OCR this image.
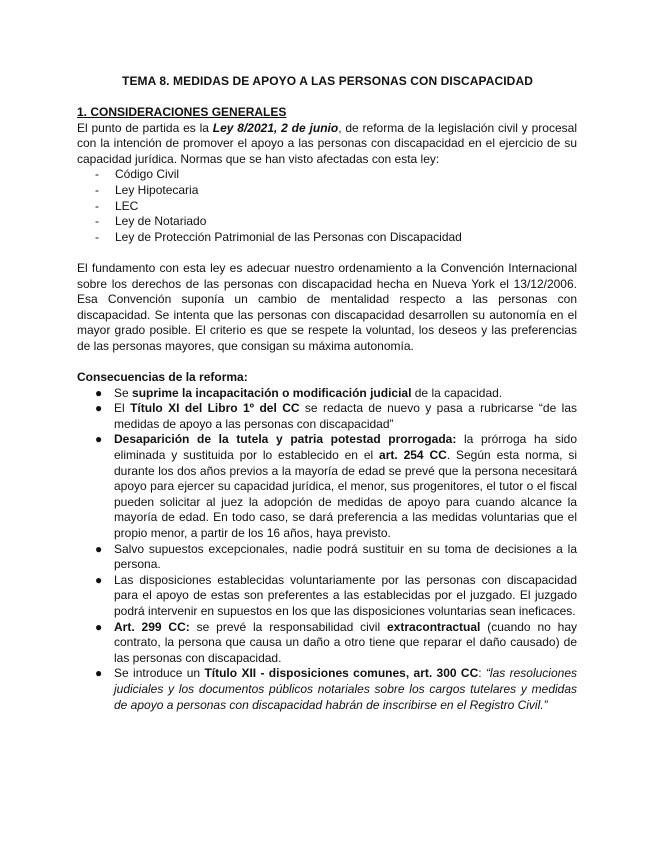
TEMA 8. MEDIDAS DE APOYO A LAS PERSONAS CON DISCAPACIDAD

1. CONSIDERACIONES GENERALES

El punto de partida es la Ley 8/2021, 2 de junio, de reforma de la legislación civil y procesal con la intención de promover el apoyo a las personas con discapacidad en el ejercicio de su capacidad jurídica. Normas que se han visto afectadas con esta ley:

- Código Civil
- Ley Hipotecaria
- LEC
- Ley de Notariado
- Ley de Protección Patrimonial de las Personas con Discapacidad

El fundamento con esta ley es adecuar nuestro ordenamiento a la Convención Internacional sobre los derechos de las personas con discapacidad hecha en Nueva York el 13/12/2006. Esa Convención suponía un cambio de mentalidad respecto a las personas con discapacidad. Se intenta que las personas con discapacidad desarrollen su autonomía en el mayor grado posible. El criterio es que se respete la voluntad, los deseos y las preferencias de las personas mayores, que consigan su máxima autonomía.

Consecuencias de la reforma:

● Se suprime la incapacitación o modificación judicial de la capacidad.
● El Título XI del Libro 1º del CC se redacta de nuevo y pasa a rubricarse “de las medidas de apoyo a las personas con discapacidad”
● Desaparición de la tutela y patria potestad prorrogada: la prórroga ha sido eliminada y sustituida por lo establecido en el art. 254 CC. Según esta norma, si durante los dos años previos a la mayoría de edad se prevé que la persona necesitará apoyo para ejercer su capacidad jurídica, el menor, sus progenitores, el tutor o el fiscal pueden solicitar al juez la adopción de medidas de apoyo para cuando alcance la mayoría de edad. En todo caso, se dará preferencia a las medidas voluntarias que el propio menor, a partir de los 16 años, haya previsto.
● Salvo supuestos excepcionales, nadie podrá sustituir en su toma de decisiones a la persona.
● Las disposiciones establecidas voluntariamente por las personas con discapacidad para el apoyo de estas son preferentes a las establecidas por el juzgado. El juzgado podrá intervenir en supuestos en los que las disposiciones voluntarias sean ineficaces.
● Art. 299 CC: se prevé la responsabilidad civil extracontractual (cuando no hay contrato, la persona que causa un daño a otro tiene que reparar el daño causado) de las personas con discapacidad.
● Se introduce un Título XII - disposiciones comunes, art. 300 CC: “las resoluciones judiciales y los documentos públicos notariales sobre los cargos tutelares y medidas de apoyo a personas con discapacidad habrán de inscribirse en el Registro Civil.”
